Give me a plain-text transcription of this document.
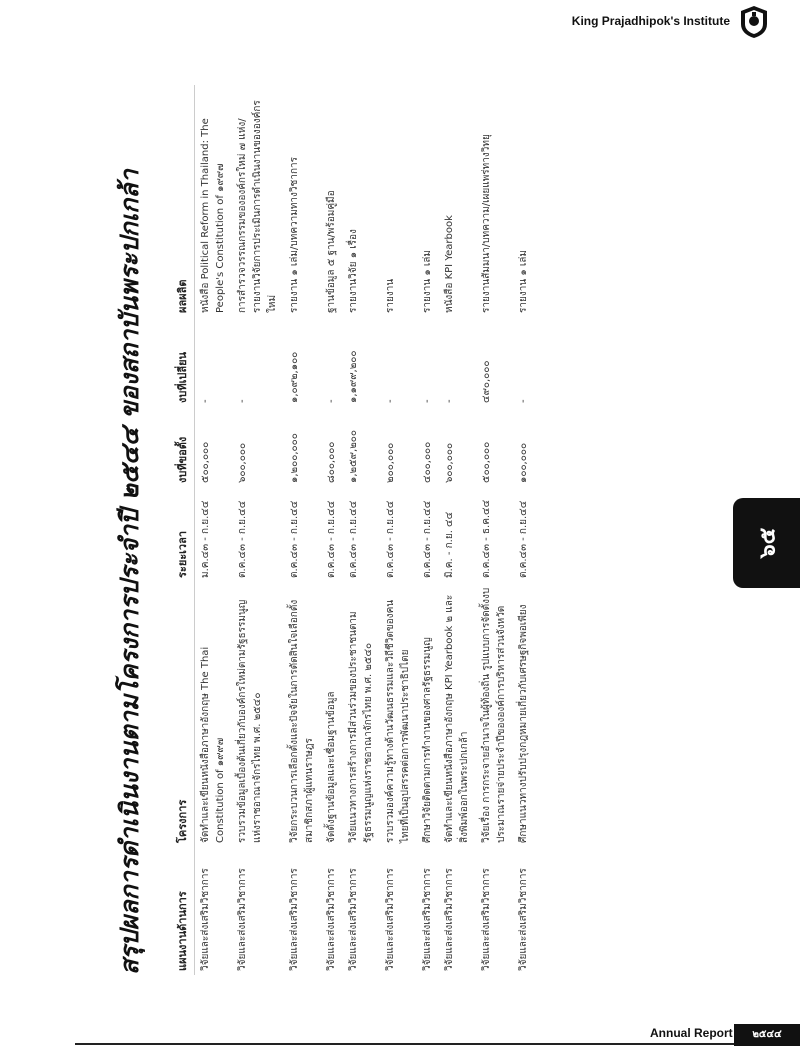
King Prajadhipok's Institute
สรุปผลการดำเนินงานตามโครงการประจำปี ๒๕๔๔ ของสถาบันพระปกเกล้า	แผนงานด้านการ	โครงการ	ระยะเวลา	งบที่ขอตั้ง	งบที่เปลี่ยน	ผลผลิต
วิจัยและส่งเสริมวิชาการ	จัดทำและเขียนหนังสือภาษาอังกฤษ The Thai Constitution of ๑๙๙๗	ม.ค.๔๓ - ก.ย.๔๔	๕๐๐,๐๐๐	-	หนังสือ Political Reform in Thailand: The People's Constitution of ๑๙๙๗
วิจัยและส่งเสริมวิชาการ	รวบรวมข้อมูลเบื้องต้นเกี่ยวกับองค์กรใหม่ตามรัฐธรรมนูญแห่งราชอาณาจักรไทย พ.ศ. ๒๕๔๐	ต.ค.๔๓ - ก.ย.๔๔	๖๐๐,๐๐๐	-	การสำรวจวรรณกรรมขององค์กรใหม่ ๗ แห่ง/รายงานวิจัยการประเมินการดำเนินงานขององค์กรใหม่
วิจัยและส่งเสริมวิชาการ	วิจัยกระบวนการเลือกตั้งและปัจจัยในการตัดสินใจเลือกตั้งสมาชิกสภาผู้แทนราษฎร	ต.ค.๔๓ - ก.ย.๔๔	๑,๒๐๐,๐๐๐	๑,๐๙๒,๑๐๐	รายงาน ๑ เล่ม/บทความทางวิชาการ
วิจัยและส่งเสริมวิชาการ	จัดตั้งฐานข้อมูลและเชื่อมฐานข้อมูล	ต.ค.๔๓ - ก.ย.๔๔	๘๐๐,๐๐๐	-	ฐานข้อมูล ๕ ฐาน/พร้อมคู่มือ
วิจัยและส่งเสริมวิชาการ	วิจัยแนวทางการสร้างการมีส่วนร่วมของประชาชนตามรัฐธรรมนูญแห่งราชอาณาจักรไทย พ.ศ. ๒๕๔๐	ต.ค.๔๓ - ก.ย.๔๔	๑,๒๕๙,๒๐๐	๑,๑๙๙,๒๐๐	รายงานวิจัย ๑ เรื่อง
วิจัยและส่งเสริมวิชาการ	รวบรวมองค์ความรู้ทางด้านวัฒนธรรมและวิถีชีวิตของคนไทยที่เป็นอุปสรรคต่อการพัฒนาประชาธิปไตย	ต.ค.๔๓ - ก.ย.๔๔	๒๐๐,๐๐๐	-	รายงาน
วิจัยและส่งเสริมวิชาการ	ศึกษาวิจัยติดตามการทำงานของศาลรัฐธรรมนูญ	ต.ค.๔๓ - ก.ย.๔๔	๔๐๐,๐๐๐	-	รายงาน ๑ เล่ม
วิจัยและส่งเสริมวิชาการ	จัดทำและเขียนหนังสือภาษาอังกฤษ KPI Yearbook ๒ และสิ่งพิมพ์ออกในพระปกเกล้า	มิ.ค. - ก.ย. ๔๔	๖๐๐,๐๐๐	-	หนังสือ KPI Yearbook
วิจัยและส่งเสริมวิชาการ	วิจัยเรื่อง การกระจายอำนาจในผู้ท้องถิ่น รูปแบบการจัดตั้งงบประมาณรายจ่ายประจำปีขององค์การบริหารส่วนจังหวัด	ต.ค.๔๓ - ธ.ค.๔๔	๕๐๐,๐๐๐	๔๙๐,๐๐๐	รายงานสัมมนา/บทความ/เผยแพร่ทางวิทยุ
วิจัยและส่งเสริมวิชาการ	ศึกษาแนวทางปรับปรุงกฎหมายเกี่ยวกับเศรษฐกิจพอเพียง	ต.ค.๔๓ - ก.ย.๔๔	๑๐๐,๐๐๐	-	รายงาน ๑ เล่ม
๖๕
Annual Report	๒๕๔๔
